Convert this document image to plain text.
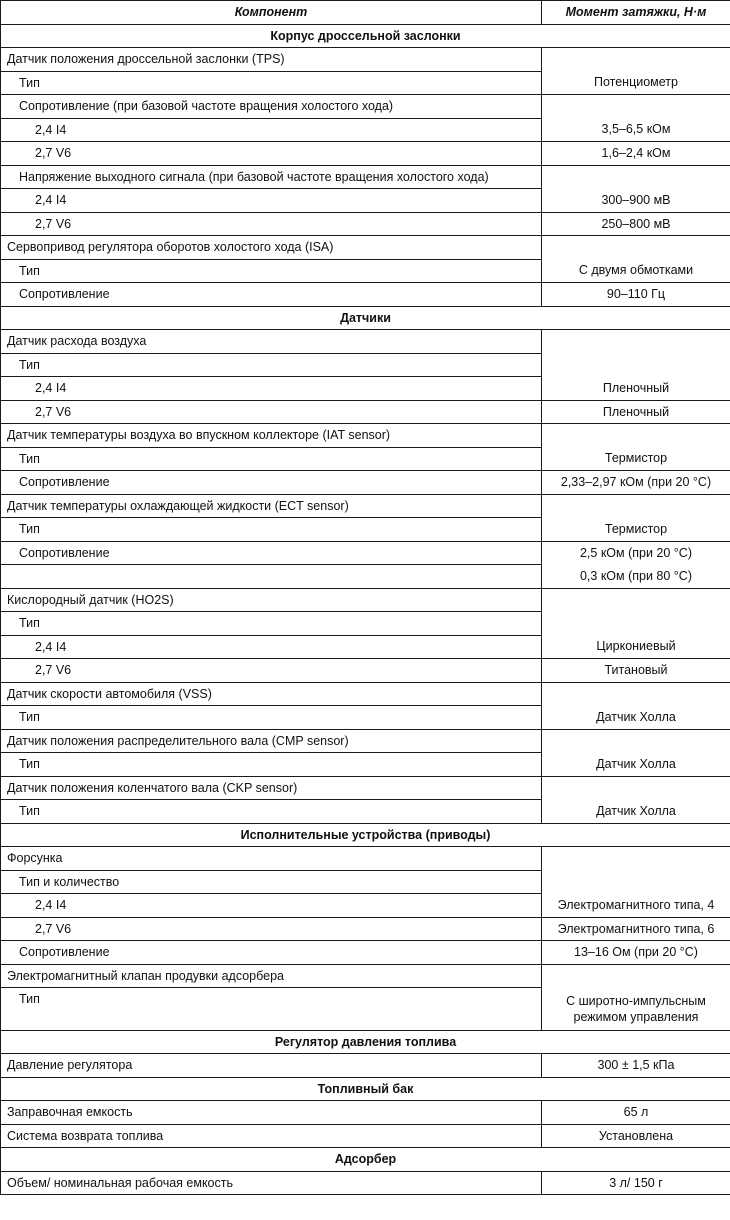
Компонент	Момент затяжки, Н·м
Корпус дроссельной заслонки	
Датчик положения дроссельной заслонки (TPS)	
Тип	Потенциометр
Сопротивление (при базовой частоте вращения холостого хода)	
2,4 I4	3,5–6,5 кОм
2,7 V6	1,6–2,4 кОм
Напряжение выходного сигнала (при базовой частоте вращения холостого хода)	
2,4 I4	300–900 мВ
2,7 V6	250–800 мВ
Сервопривод регулятора оборотов холостого хода (ISA)	
Тип	С двумя обмотками
Сопротивление	90–110 Гц
Датчики	
Датчик расхода воздуха	
Тип	
2,4 I4	Пленочный
2,7 V6	Пленочный
Датчик температуры воздуха во впускном коллекторе (IAT sensor)	
Тип	Термистор
Сопротивление	2,33–2,97 кОм (при 20 °С)
Датчик температуры охлаждающей жидкости (ECT sensor)	
Тип	Термистор
Сопротивление	2,5 кОм (при 20 °С)
	0,3 кОм (при 80 °С)
Кислородный датчик (HO2S)	
Тип	
2,4 I4	Циркониевый
2,7 V6	Титановый
Датчик скорости автомобиля (VSS)	
Тип	Датчик Холла
Датчик положения распределительного вала (CMP sensor)	
Тип	Датчик Холла
Датчик положения коленчатого вала (CKP sensor)	
Тип	Датчик Холла
Исполнительные устройства (приводы)	
Форсунка	
Тип и количество	
2,4 I4	Электромагнитного типа, 4
2,7 V6	Электромагнитного типа, 6
Сопротивление	13–16 Ом (при 20 °С)
Электромагнитный клапан продувки адсорбера	
Тип	С широтно-импульсным режимом управления
Регулятор давления топлива	
Давление регулятора	300 ± 1,5 кПа
Топливный бак	
Заправочная емкость	65 л
Система возврата топлива	Установлена
Адсорбер	
Объем/ номинальная рабочая емкость	3 л/ 150 г
